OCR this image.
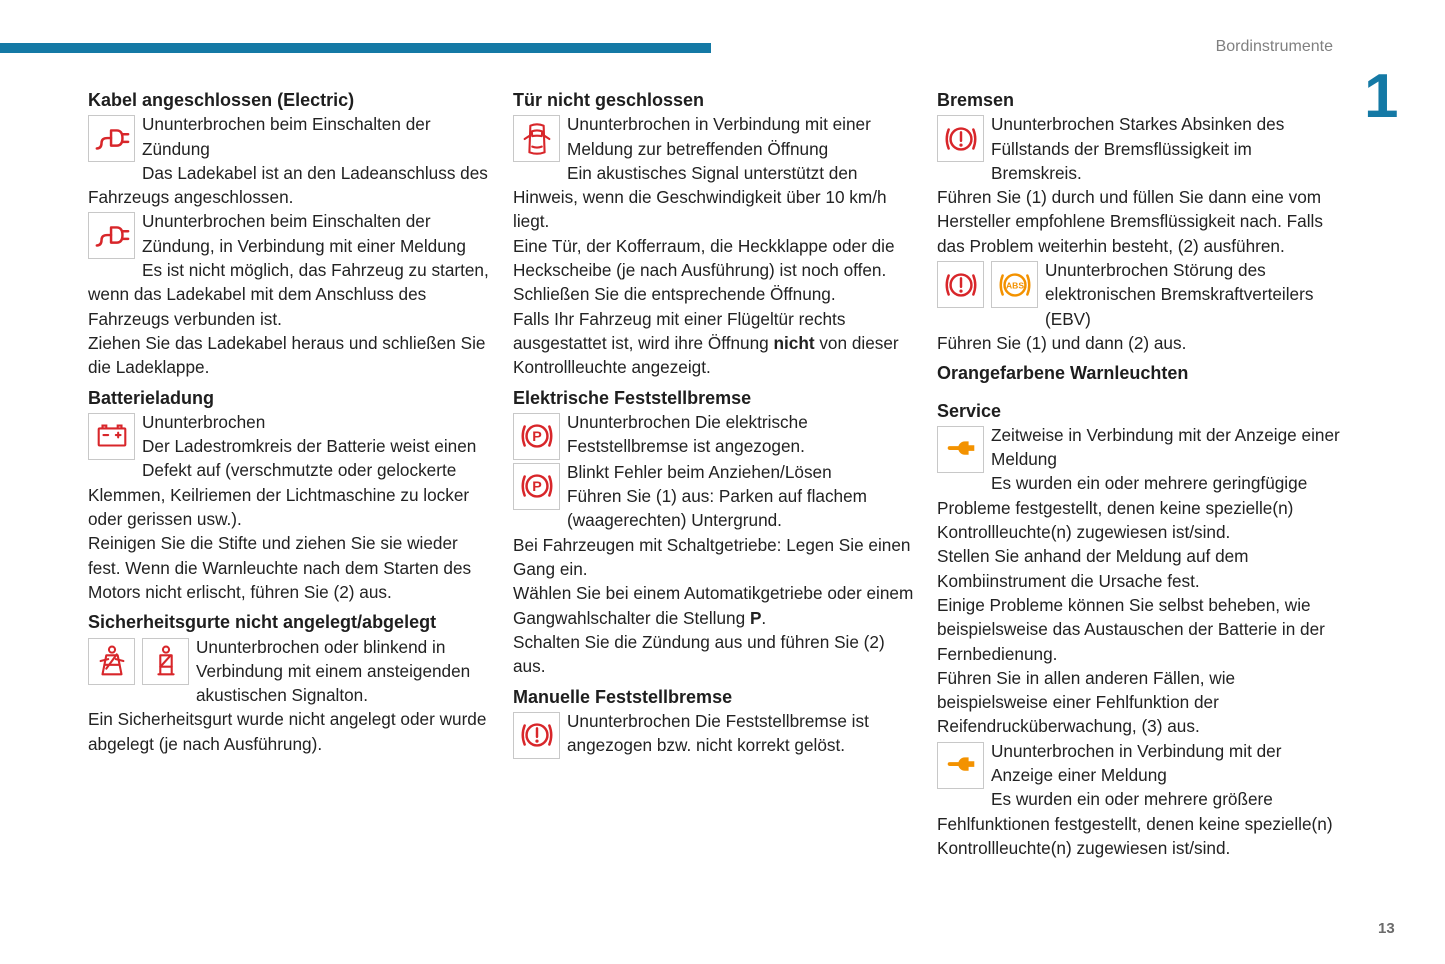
Bordinstrumente
1
13
Kabel angeschlossen (Electric)

Ununterbrochen beim Einschalten der Zündung

Das Ladekabel ist an den Ladeanschluss des Fahrzeugs angeschlossen.

Ununterbrochen beim Einschalten der Zündung, in Verbindung mit einer Meldung

Es ist nicht möglich, das Fahrzeug zu starten, wenn das Ladekabel mit dem Anschluss des Fahrzeugs verbunden ist.

Ziehen Sie das Ladekabel heraus und schließen Sie die Ladeklappe.

Batterieladung

Ununterbrochen

Der Ladestromkreis der Batterie weist einen Defekt auf (verschmutzte oder gelockerte Klemmen, Keilriemen der Lichtmaschine zu locker oder gerissen usw.).

Reinigen Sie die Stifte und ziehen Sie sie wieder fest. Wenn die Warnleuchte nach dem Starten des Motors nicht erlischt, führen Sie (2) aus.

Sicherheitsgurte nicht angelegt/abgelegt

Ununterbrochen oder blinkend in Verbindung mit einem ansteigenden akustischen Signalton.

Ein Sicherheitsgurt wurde nicht angelegt oder wurde abgelegt (je nach Ausführung).

Tür nicht geschlossen

Ununterbrochen in Verbindung mit einer Meldung zur betreffenden Öffnung

Ein akustisches Signal unterstützt den Hinweis, wenn die Geschwindigkeit über 10 km/h liegt.

Eine Tür, der Kofferraum, die Heckklappe oder die Heckscheibe (je nach Ausführung) ist noch offen.

Schließen Sie die entsprechende Öffnung.

Falls Ihr Fahrzeug mit einer Flügeltür rechts ausgestattet ist, wird ihre Öffnung nicht von dieser Kontrollleuchte angezeigt.

Elektrische Feststellbremse
P

Ununterbrochen Die elektrische Feststellbremse ist angezogen.

P

Blinkt Fehler beim Anziehen/Lösen

Führen Sie (1) aus: Parken auf flachem (waagerechten) Untergrund.

Bei Fahrzeugen mit Schaltgetriebe: Legen Sie einen Gang ein.

Wählen Sie bei einem Automatikgetriebe oder einem Gangwahlschalter die Stellung P.

Schalten Sie die Zündung aus und führen Sie (2) aus.

Manuelle Feststellbremse

Ununterbrochen Die Feststellbremse ist angezogen bzw. nicht korrekt gelöst.

Bremsen

Ununterbrochen Starkes Absinken des Füllstands der Bremsflüssigkeit im Bremskreis.

Führen Sie (1) durch und füllen Sie dann eine vom Hersteller empfohlene Bremsflüssigkeit nach. Falls das Problem weiterhin besteht, (2) ausführen.

ABS

Ununterbrochen Störung des elektronischen Bremskraftverteilers (EBV)

Führen Sie (1) und dann (2) aus.

Orangefarbene Warnleuchten
Service

Zeitweise in Verbindung mit der Anzeige einer Meldung

Es wurden ein oder mehrere geringfügige Probleme festgestellt, denen keine spezielle(n) Kontrollleuchte(n) zugewiesen ist/sind.

Stellen Sie anhand der Meldung auf dem Kombiinstrument die Ursache fest.

Einige Probleme können Sie selbst beheben, wie beispielsweise das Austauschen der Batterie in der Fernbedienung.

Führen Sie in allen anderen Fällen, wie beispielsweise einer Fehlfunktion der Reifendrucküberwachung, (3) aus.

Ununterbrochen in Verbindung mit der Anzeige einer Meldung

Es wurden ein oder mehrere größere Fehlfunktionen festgestellt, denen keine spezielle(n) Kontrollleuchte(n) zugewiesen ist/sind.
